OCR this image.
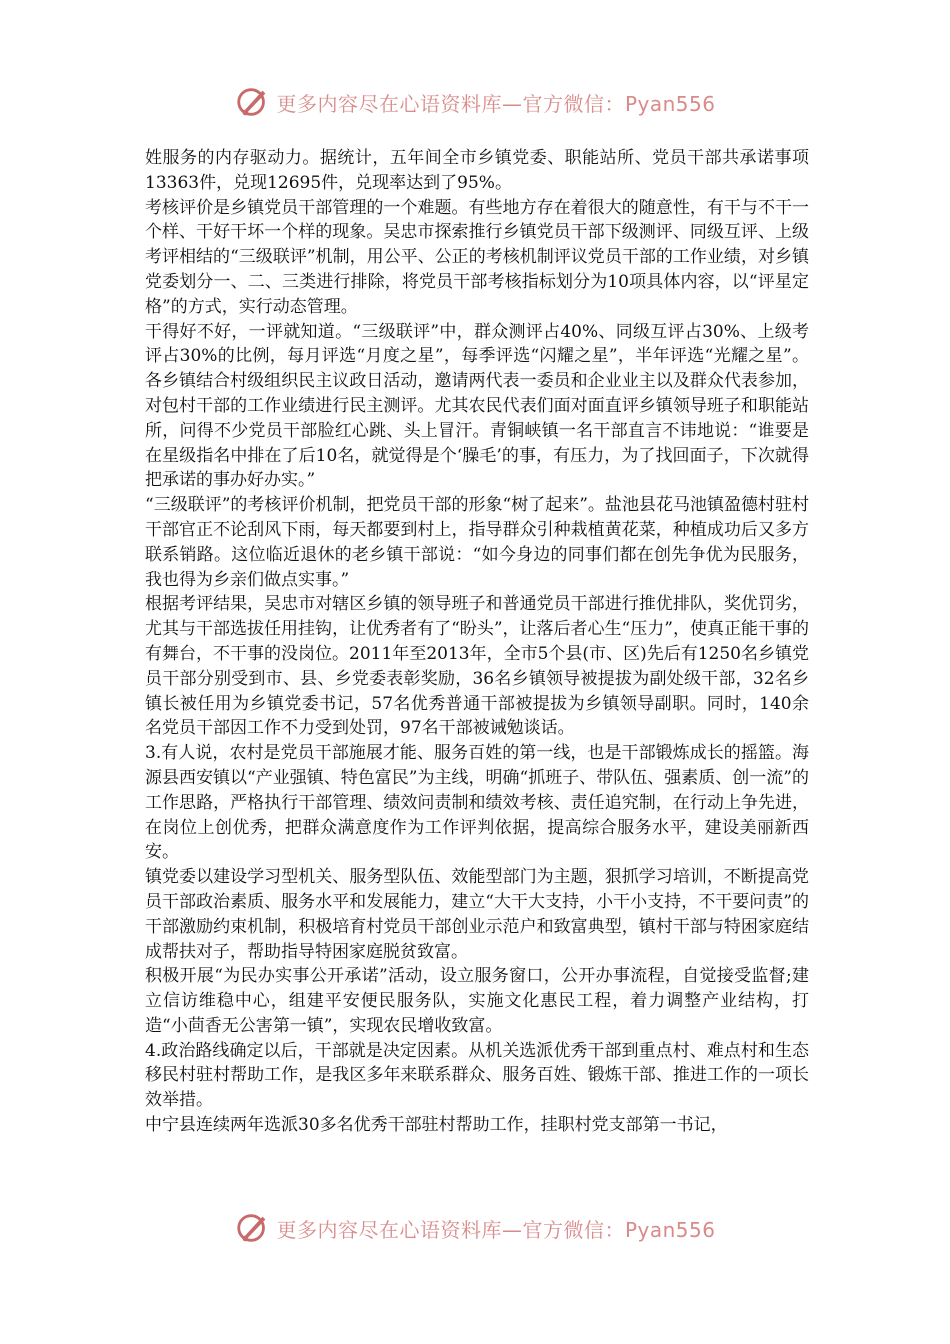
更多内容尽在心语资料库—官方微信：Pyan556

姓服务的内存驱动力。据统计，五年间全市乡镇党委、职能站所、党员干部共承诺事项13363件，兑现12695件，兑现率达到了95%。

考核评价是乡镇党员干部管理的一个难题。有些地方存在着很大的随意性，有干与不干一个样、干好干坏一个样的现象。吴忠市探索推行乡镇党员干部下级测评、同级互评、上级考评相结的“三级联评”机制，用公平、公正的考核机制评议党员干部的工作业绩，对乡镇党委划分一、二、三类进行排除，将党员干部考核指标划分为10项具体内容，以“评星定格”的方式，实行动态管理。

干得好不好，一评就知道。“三级联评”中，群众测评占40%、同级互评占30%、上级考评占30%的比例，每月评选“月度之星”，每季评选“闪耀之星”，半年评选“光耀之星”。各乡镇结合村级组织民主议政日活动，邀请两代表一委员和企业业主以及群众代表参加，对包村干部的工作业绩进行民主测评。尤其农民代表们面对面直评乡镇领导班子和职能站所，问得不少党员干部脸红心跳、头上冒汗。青铜峡镇一名干部直言不讳地说：“谁要是在星级指名中排在了后10名，就觉得是个‘臊毛’的事，有压力，为了找回面子，下次就得把承诺的事办好办实。”

“三级联评”的考核评价机制，把党员干部的形象“树了起来”。盐池县花马池镇盈德村驻村干部官正不论刮风下雨，每天都要到村上，指导群众引种栽植黄花菜，种植成功后又多方联系销路。这位临近退休的老乡镇干部说：“如今身边的同事们都在创先争优为民服务，我也得为乡亲们做点实事。”

根据考评结果，吴忠市对辖区乡镇的领导班子和普通党员干部进行推优排队，奖优罚劣，尤其与干部选拔任用挂钩，让优秀者有了“盼头”，让落后者心生“压力”，使真正能干事的有舞台，不干事的没岗位。2011年至2013年，全市5个县(市、区)先后有1250名乡镇党员干部分别受到市、县、乡党委表彰奖励，36名乡镇领导被提拔为副处级干部，32名乡镇长被任用为乡镇党委书记，57名优秀普通干部被提拔为乡镇领导副职。同时，140余名党员干部因工作不力受到处罚，97名干部被诫勉谈话。

3.有人说，农村是党员干部施展才能、服务百姓的第一线，也是干部锻炼成长的摇篮。海源县西安镇以“产业强镇、特色富民”为主线，明确“抓班子、带队伍、强素质、创一流”的工作思路，严格执行干部管理、绩效问责制和绩效考核、责任追究制，在行动上争先进，在岗位上创优秀，把群众满意度作为工作评判依据，提高综合服务水平，建设美丽新西安。

镇党委以建设学习型机关、服务型队伍、效能型部门为主题，狠抓学习培训，不断提高党员干部政治素质、服务水平和发展能力，建立“大干大支持，小干小支持，不干要问责”的干部激励约束机制，积极培育村党员干部创业示范户和致富典型，镇村干部与特困家庭结成帮扶对子，帮助指导特困家庭脱贫致富。

积极开展“为民办实事公开承诺”活动，设立服务窗口，公开办事流程，自觉接受监督;建立信访维稳中心，组建平安便民服务队，实施文化惠民工程，着力调整产业结构，打造“小茴香无公害第一镇”，实现农民增收致富。

4.政治路线确定以后，干部就是决定因素。从机关选派优秀干部到重点村、难点村和生态移民村驻村帮助工作，是我区多年来联系群众、服务百姓、锻炼干部、推进工作的一项长效举措。

中宁县连续两年选派30多名优秀干部驻村帮助工作，挂职村党支部第一书记，

更多内容尽在心语资料库—官方微信：Pyan556
